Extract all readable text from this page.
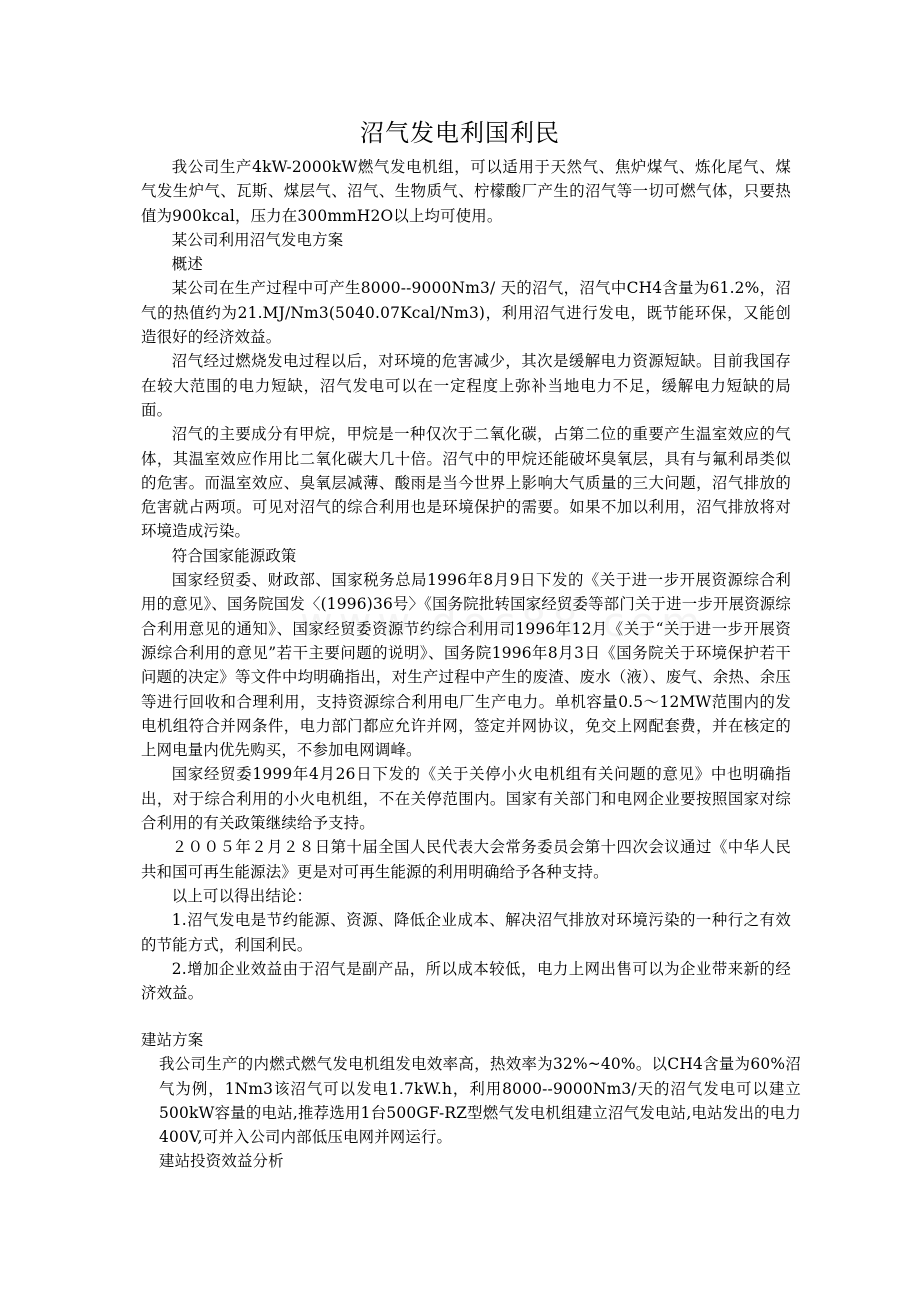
沼气发电利国利民

我公司生产4kW-2000kW燃气发电机组，可以适用于天然气、焦炉煤气、炼化尾气、煤气发生炉气、瓦斯、煤层气、沼气、生物质气、柠檬酸厂产生的沼气等一切可燃气体，只要热值为900kcal，压力在300mmH2O以上均可使用。

某公司利用沼气发电方案

概述

某公司在生产过程中可产生8000--9000Nm3/ 天的沼气，沼气中CH4含量为61.2%，沼气的热值约为21.MJ/Nm3(5040.07Kcal/Nm3)，利用沼气进行发电，既节能环保，又能创造很好的经济效益。

沼气经过燃烧发电过程以后，对环境的危害减少，其次是缓解电力资源短缺。目前我国存在较大范围的电力短缺，沼气发电可以在一定程度上弥补当地电力不足，缓解电力短缺的局面。

沼气的主要成分有甲烷，甲烷是一种仅次于二氧化碳，占第二位的重要产生温室效应的气体，其温室效应作用比二氧化碳大几十倍。沼气中的甲烷还能破坏臭氧层，具有与氟利昂类似的危害。而温室效应、臭氧层减薄、酸雨是当今世界上影响大气质量的三大问题，沼气排放的危害就占两项。可见对沼气的综合利用也是环境保护的需要。如果不加以利用，沼气排放将对环境造成污染。

符合国家能源政策

国家经贸委、财政部、国家税务总局1996年8月9日下发的《关于进一步开展资源综合利用的意见》、国务院国发〈(1996)36号〉《国务院批转国家经贸委等部门关于进一步开展资源综合利用意见的通知》、国家经贸委资源节约综合利用司1996年12月《关于“关于进一步开展资源综合利用的意见”若干主要问题的说明》、国务院1996年8月3日《国务院关于环境保护若干问题的决定》等文件中均明确指出，对生产过程中产生的废渣、废水（液）、废气、余热、余压等进行回收和合理利用，支持资源综合利用电厂生产电力。单机容量0.5～12MW范围内的发电机组符合并网条件，电力部门都应允许并网，签定并网协议，免交上网配套费，并在核定的上网电量内优先购买，不参加电网调峰。

国家经贸委1999年4月26日下发的《关于关停小火电机组有关问题的意见》中也明确指出，对于综合利用的小火电机组，不在关停范围内。国家有关部门和电网企业要按照国家对综合利用的有关政策继续给予支持。

２００５年２月２８日第十届全国人民代表大会常务委员会第十四次会议通过《中华人民共和国可再生能源法》更是对可再生能源的利用明确给予各种支持。

以上可以得出结论：

1.沼气发电是节约能源、资源、降低企业成本、解决沼气排放对环境污染的一种行之有效的节能方式，利国利民。

2.增加企业效益由于沼气是副产品，所以成本较低，电力上网出售可以为企业带来新的经济效益。

建站方案

我公司生产的内燃式燃气发电机组发电效率高，热效率为32%~40%。以CH4含量为60%沼气为例，1Nm3该沼气可以发电1.7kW.h，利用8000--9000Nm3/天的沼气发电可以建立500kW容量的电站,推荐选用1台500GF-RZ型燃气发电机组建立沼气发电站,电站发出的电力400V,可并入公司内部低压电网并网运行。

建站投资效益分析
